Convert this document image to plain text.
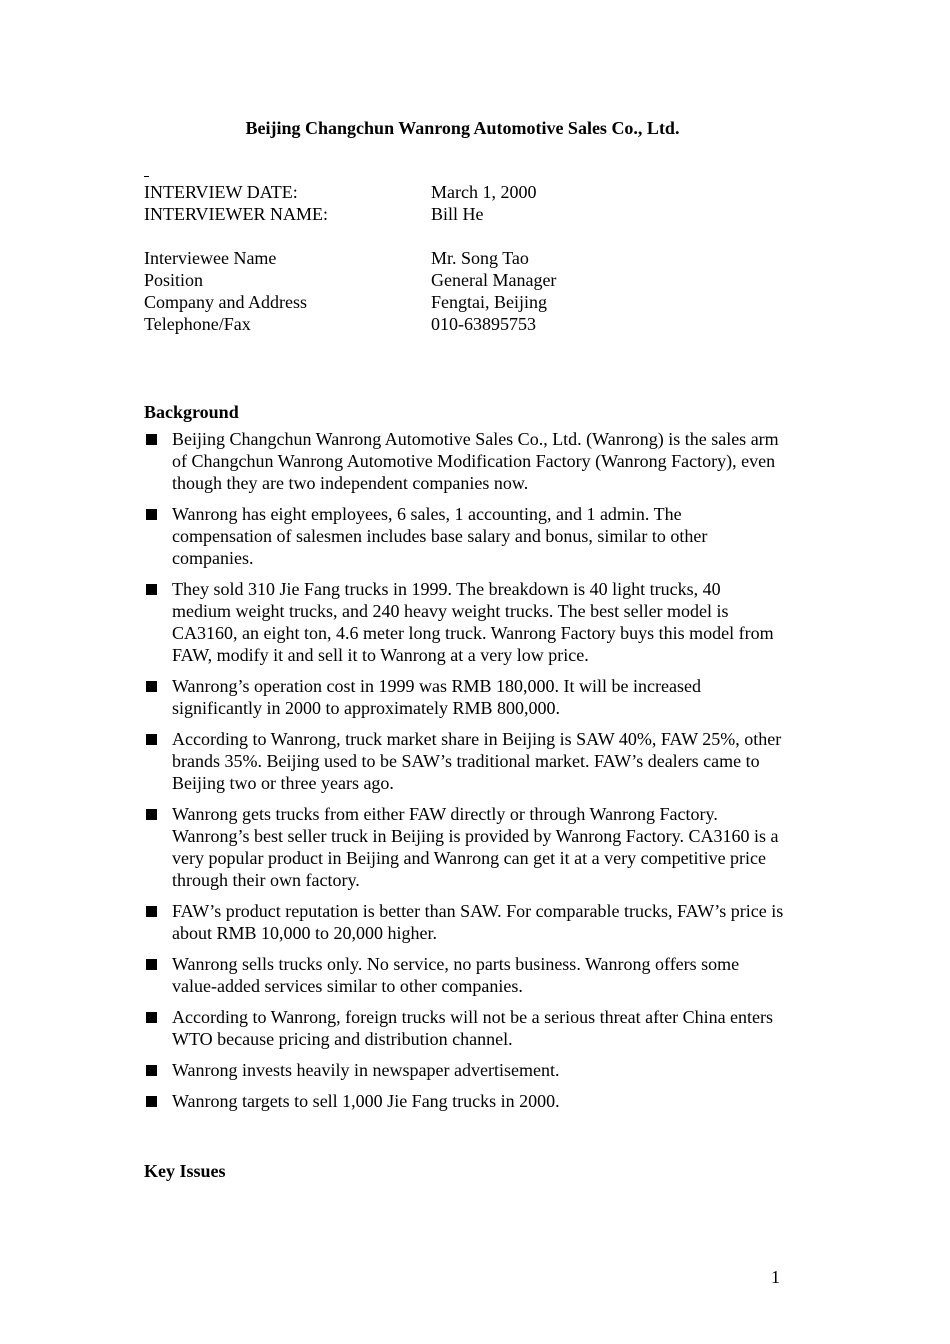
Beijing Changchun Wanrong Automotive Sales Co., Ltd.
INTERVIEW DATE:	March 1, 2000
INTERVIEWER NAME:	Bill He
Interviewee Name	Mr. Song Tao
Position	General Manager
Company and Address	Fengtai, Beijing
Telephone/Fax	010-63895753
Background
Beijing Changchun Wanrong Automotive Sales Co., Ltd. (Wanrong) is the sales arm of Changchun Wanrong Automotive Modification Factory (Wanrong Factory), even though they are two independent companies now.
Wanrong has eight employees, 6 sales, 1 accounting, and 1 admin. The compensation of salesmen includes base salary and bonus, similar to other companies.
They sold 310 Jie Fang trucks in 1999. The breakdown is 40 light trucks, 40 medium weight trucks, and 240 heavy weight trucks. The best seller model is CA3160, an eight ton, 4.6 meter long truck. Wanrong Factory buys this model from FAW, modify it and sell it to Wanrong at a very low price.
Wanrong’s operation cost in 1999 was RMB 180,000. It will be increased significantly in 2000 to approximately RMB 800,000.
According to Wanrong, truck market share in Beijing is SAW 40%, FAW 25%, other brands 35%. Beijing used to be SAW’s traditional market. FAW’s dealers came to Beijing two or three years ago.
Wanrong gets trucks from either FAW directly or through Wanrong Factory. Wanrong’s best seller truck in Beijing is provided by Wanrong Factory. CA3160 is a very popular product in Beijing and Wanrong can get it at a very competitive price through their own factory.
FAW’s product reputation is better than SAW. For comparable trucks, FAW’s price is about RMB 10,000 to 20,000 higher.
Wanrong sells trucks only. No service, no parts business. Wanrong offers some value-added services similar to other companies.
According to Wanrong, foreign trucks will not be a serious threat after China enters WTO because pricing and distribution channel.
Wanrong invests heavily in newspaper advertisement.
Wanrong targets to sell 1,000 Jie Fang trucks in 2000.
Key Issues
1
